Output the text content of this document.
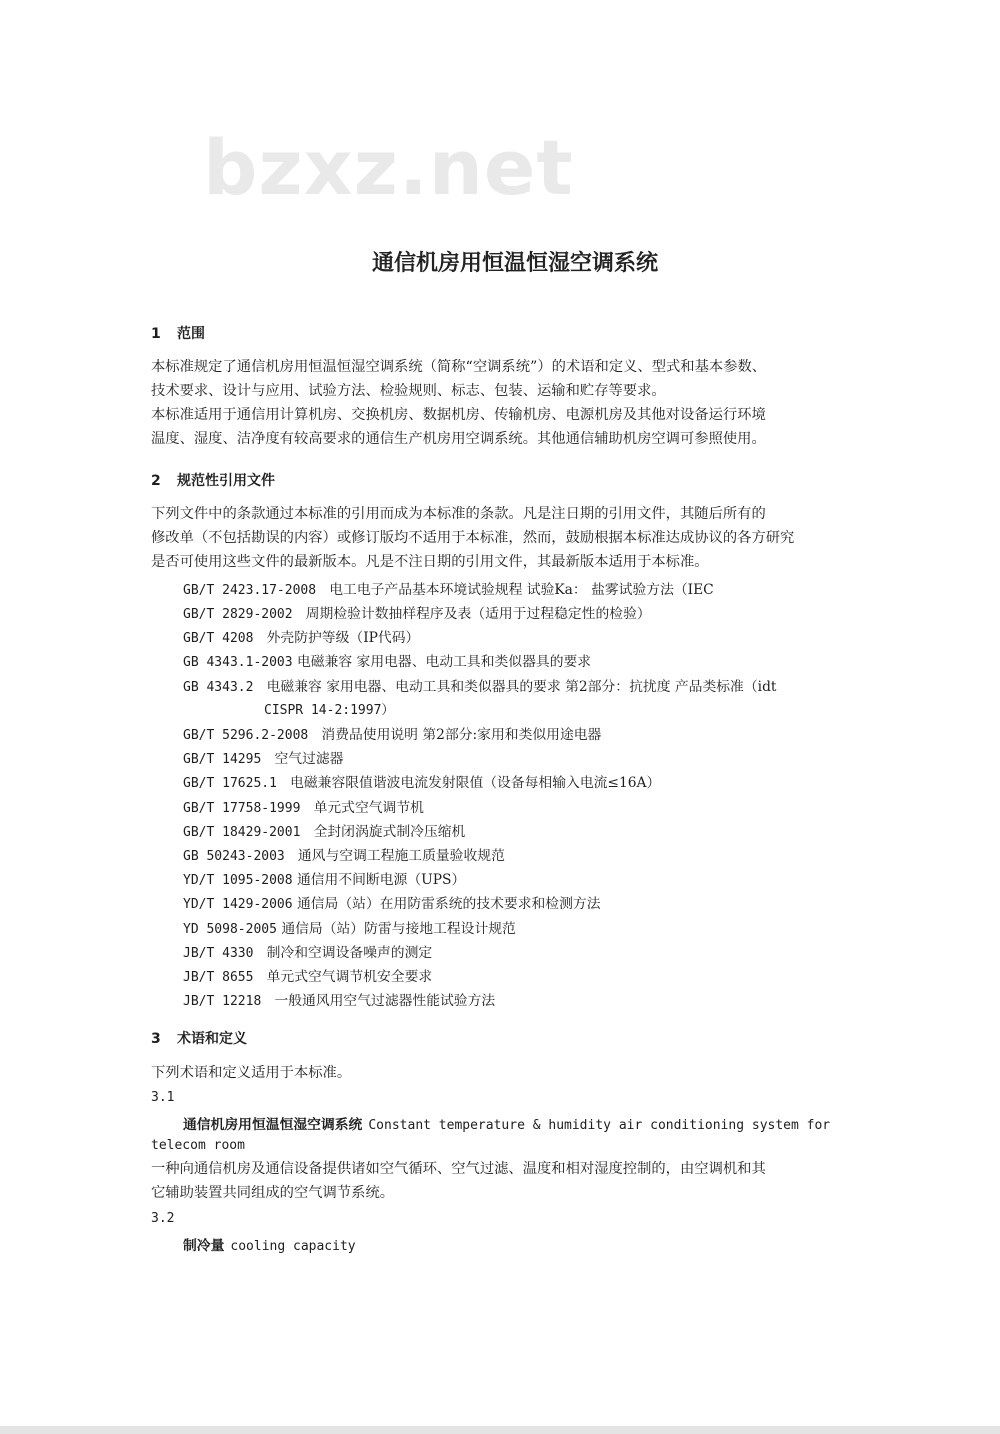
bzxz.net
通信机房用恒温恒湿空调系统
1 范围
本标准规定了通信机房用恒温恒湿空调系统（简称“空调系统”）的术语和定义、型式和基本参数、
技术要求、设计与应用、试验方法、检验规则、标志、包装、运输和贮存等要求。
本标准适用于通信用计算机房、交换机房、数据机房、传输机房、电源机房及其他对设备运行环境
温度、湿度、洁净度有较高要求的通信生产机房用空调系统。其他通信辅助机房空调可参照使用。
2 规范性引用文件
下列文件中的条款通过本标准的引用而成为本标准的条款。凡是注日期的引用文件，其随后所有的
修改单（不包括勘误的内容）或修订版均不适用于本标准，然而，鼓励根据本标准达成协议的各方研究
是否可使用这些文件的最新版本。凡是不注日期的引用文件，其最新版本适用于本标准。
GB/T 2423.17-2008 电工电子产品基本环境试验规程 试验Ka： 盐雾试验方法（IEC
GB/T 2829-2002 周期检验计数抽样程序及表（适用于过程稳定性的检验）
GB/T 4208 外壳防护等级（IP代码）
GB 4343.1-2003 电磁兼容 家用电器、电动工具和类似器具的要求
GB 4343.2 电磁兼容 家用电器、电动工具和类似器具的要求 第2部分：抗扰度 产品类标准（idt
CISPR 14-2:1997）
GB/T 5296.2-2008 消费品使用说明 第2部分:家用和类似用途电器
GB/T 14295 空气过滤器
GB/T 17625.1 电磁兼容限值谐波电流发射限值（设备每相输入电流≤16A）
GB/T 17758-1999 单元式空气调节机
GB/T 18429-2001 全封闭涡旋式制冷压缩机
GB 50243-2003 通风与空调工程施工质量验收规范
YD/T 1095-2008 通信用不间断电源（UPS）
YD/T 1429-2006 通信局（站）在用防雷系统的技术要求和检测方法
YD 5098-2005 通信局（站）防雷与接地工程设计规范
JB/T 4330 制冷和空调设备噪声的测定
JB/T 8655 单元式空气调节机安全要求
JB/T 12218 一般通风用空气过滤器性能试验方法
3 术语和定义
下列术语和定义适用于本标准。
3.1
通信机房用恒温恒湿空调系统 Constant temperature & humidity air conditioning system for
telecom room
一种向通信机房及通信设备提供诸如空气循环、空气过滤、温度和相对湿度控制的，由空调机和其
它辅助装置共同组成的空气调节系统。
3.2
制冷量 cooling capacity
